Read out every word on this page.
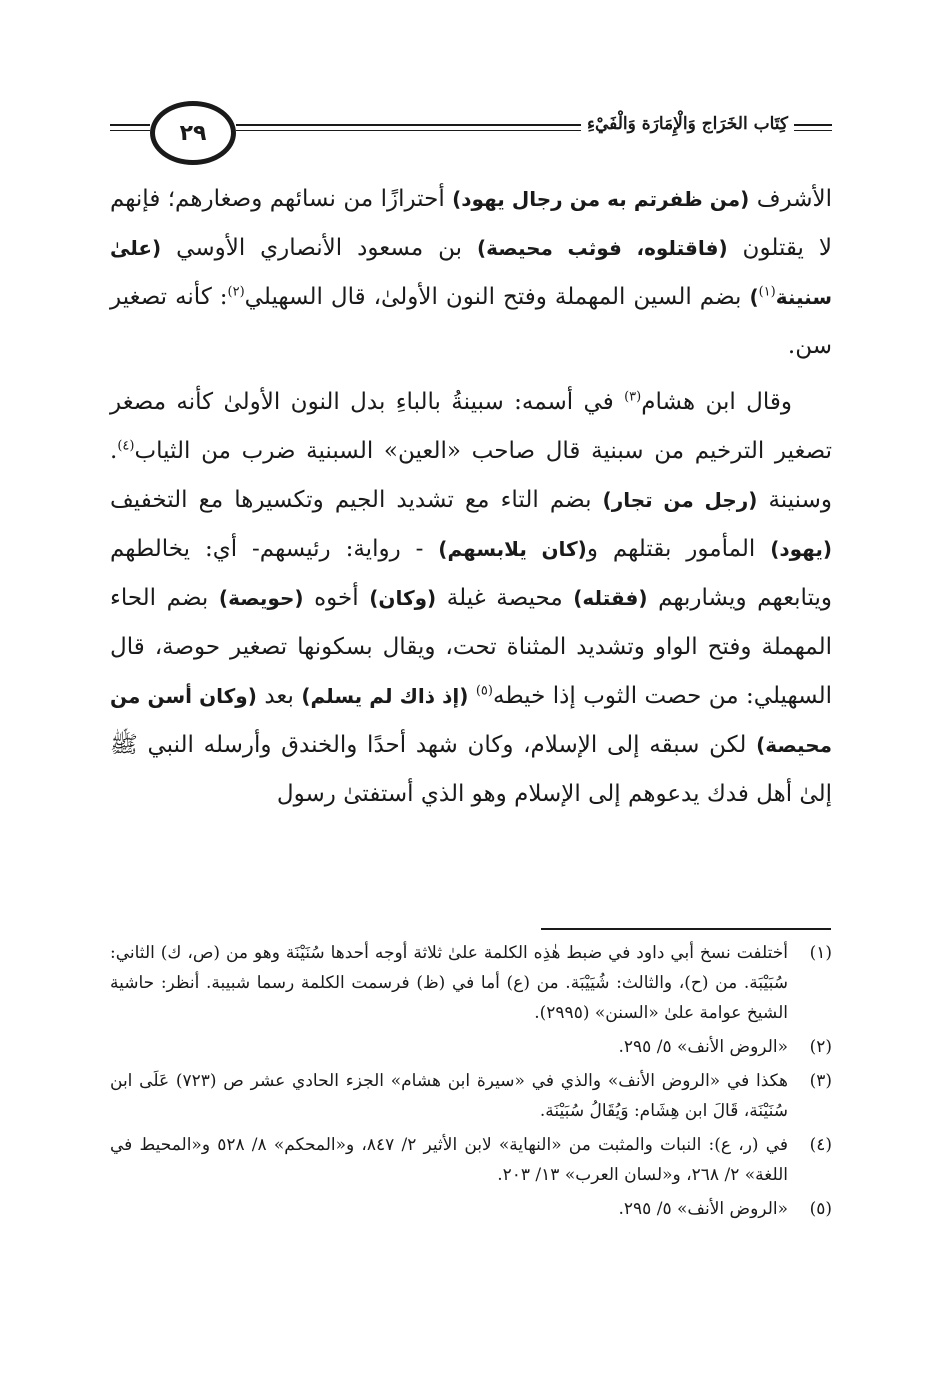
٢٩	كِتَاب الخَرَاج وَالْإِمَارَة وَالْفَيْءِ

الأشرف (من ظفرتم به من رجال يهود) أحترازًا من نسائهم وصغارهم؛ فإنهم لا يقتلون (فاقتلوه، فوثب محيصة) بن مسعود الأنصاري الأوسي (علىٰ سنينة$^{(١)}$) بضم السين المهملة وفتح النون الأولىٰ، قال السهيلي$^{(٢)}$: كأنه تصغير سن.

وقال ابن هشام$^{(٣)}$ في أسمه: سبينةُ بالباءِ بدل النون الأولىٰ كأنه مصغر تصغير الترخيم من سبنية قال صاحب «العين» السبنية ضرب من الثياب$^{(٤)}$. وسنينة (رجل من تجار) بضم التاء مع تشديد الجيم وتكسيرها مع التخفيف (يهود) المأمور بقتلهم و(كان يلابسهم) - رواية: رئيسهم- أي: يخالطهم ويتابعهم ويشاربهم (فقتله) محيصة غيلة (وكان) أخوه (حويصة) بضم الحاء المهملة وفتح الواو وتشديد المثناة تحت، ويقال بسكونها تصغير حوصة، قال السهيلي: من حصت الثوب إذا خيطه$^{(٥)}$ (إذ ذاك لم يسلم) بعد (وكان أسن من محيصة) لكن سبقه إلى الإسلام، وكان شهد أحدًا والخندق وأرسله النبي ﷺ إلىٰ أهل فدك يدعوهم إلى الإسلام وهو الذي أستفتىٰ رسول

(١)
أختلفت نسخ أبي داود في ضبط هٰذِه الكلمة علىٰ ثلاثة أوجه أحدها سُنَيْنَة وهو من (ص، ك) الثاني: سُبَيْبَة. من (ح)، والثالث: شُيَيْبَة. من (ع) أما في (ظ) فرسمت الكلمة رسما شبيبة. أنظر: حاشية الشيخ عوامة علىٰ «السنن» (٢٩٩٥).
(٢)
«الروض الأنف» ٥/ ٢٩٥.
(٣)
هكذا في «الروض الأنف» والذي في «سيرة ابن هشام» الجزء الحادي عشر ص (٧٢٣) عَلَى ابن سُنَيْنَة، قَالَ ابن هِشَام: وَيُقَالُ سُبَيْنَة.
(٤)
في (ر، ع): النبات والمثبت من «النهاية» لابن الأثير ٢/ ٨٤٧، و«المحكم» ٨/ ٥٢٨ و«المحيط في اللغة» ٢/ ٢٦٨، و«لسان العرب» ١٣/ ٢٠٣.
(٥)
«الروض الأنف» ٥/ ٢٩٥.
